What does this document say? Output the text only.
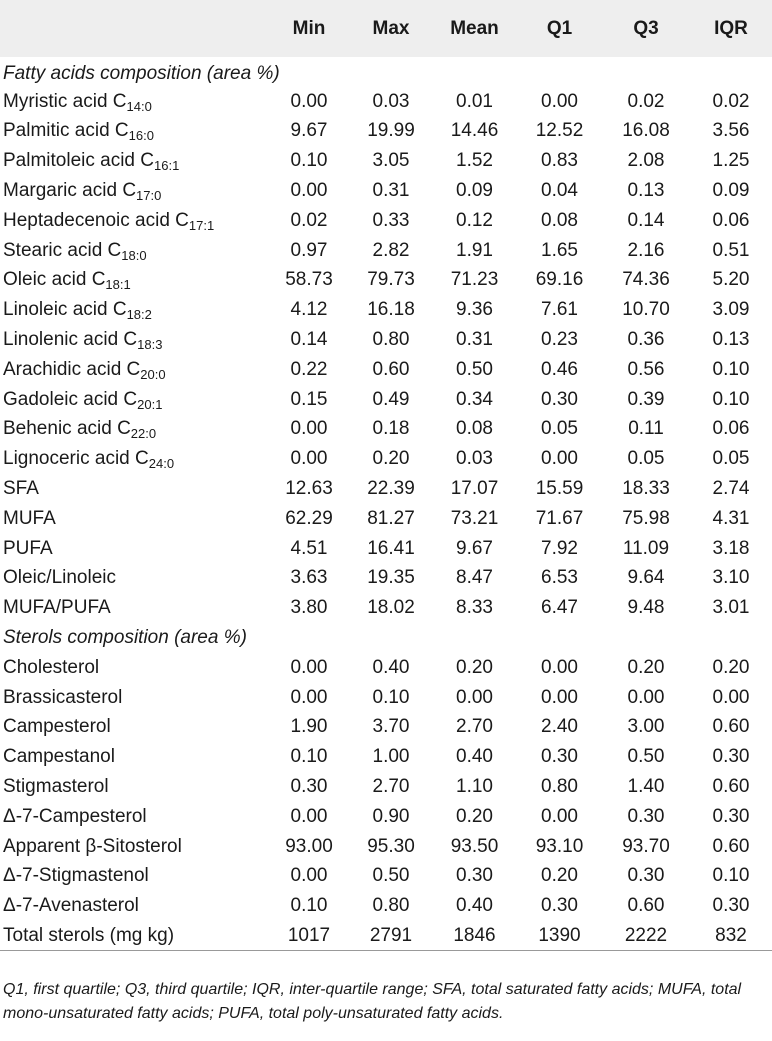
	Min	Max	Mean	Q1	Q3	IQR
Fatty acids composition (area %)						
Myristic acid $C_{14:0}$	0.00	0.03	0.01	0.00	0.02	0.02
Palmitic acid $C_{16:0}$	9.67	19.99	14.46	12.52	16.08	3.56
Palmitoleic acid $C_{16:1}$	0.10	3.05	1.52	0.83	2.08	1.25
Margaric acid $C_{17:0}$	0.00	0.31	0.09	0.04	0.13	0.09
Heptadecenoic acid $C_{17:1}$	0.02	0.33	0.12	0.08	0.14	0.06
Stearic acid $C_{18:0}$	0.97	2.82	1.91	1.65	2.16	0.51
Oleic acid $C_{18:1}$	58.73	79.73	71.23	69.16	74.36	5.20
Linoleic acid $C_{18:2}$	4.12	16.18	9.36	7.61	10.70	3.09
Linolenic acid $C_{18:3}$	0.14	0.80	0.31	0.23	0.36	0.13
Arachidic acid $C_{20:0}$	0.22	0.60	0.50	0.46	0.56	0.10
Gadoleic acid $C_{20:1}$	0.15	0.49	0.34	0.30	0.39	0.10
Behenic acid $C_{22:0}$	0.00	0.18	0.08	0.05	0.11	0.06
Lignoceric acid $C_{24:0}$	0.00	0.20	0.03	0.00	0.05	0.05
SFA	12.63	22.39	17.07	15.59	18.33	2.74
MUFA	62.29	81.27	73.21	71.67	75.98	4.31
PUFA	4.51	16.41	9.67	7.92	11.09	3.18
Oleic/Linoleic	3.63	19.35	8.47	6.53	9.64	3.10
MUFA/PUFA	3.80	18.02	8.33	6.47	9.48	3.01
Sterols composition (area %)						
Cholesterol	0.00	0.40	0.20	0.00	0.20	0.20
Brassicasterol	0.00	0.10	0.00	0.00	0.00	0.00
Campesterol	1.90	3.70	2.70	2.40	3.00	0.60
Campestanol	0.10	1.00	0.40	0.30	0.50	0.30
Stigmasterol	0.30	2.70	1.10	0.80	1.40	0.60
Δ-7-Campesterol	0.00	0.90	0.20	0.00	0.30	0.30
Apparent β-Sitosterol	93.00	95.30	93.50	93.10	93.70	0.60
Δ-7-Stigmastenol	0.00	0.50	0.30	0.20	0.30	0.10
Δ-7-Avenasterol	0.10	0.80	0.40	0.30	0.60	0.30
Total sterols (mg kg)	1017	2791	1846	1390	2222	832
Q1, first quartile; Q3, third quartile; IQR, inter-quartile range; SFA, total saturated fatty acids; MUFA, total mono-unsaturated fatty acids; PUFA, total poly-unsaturated fatty acids.
